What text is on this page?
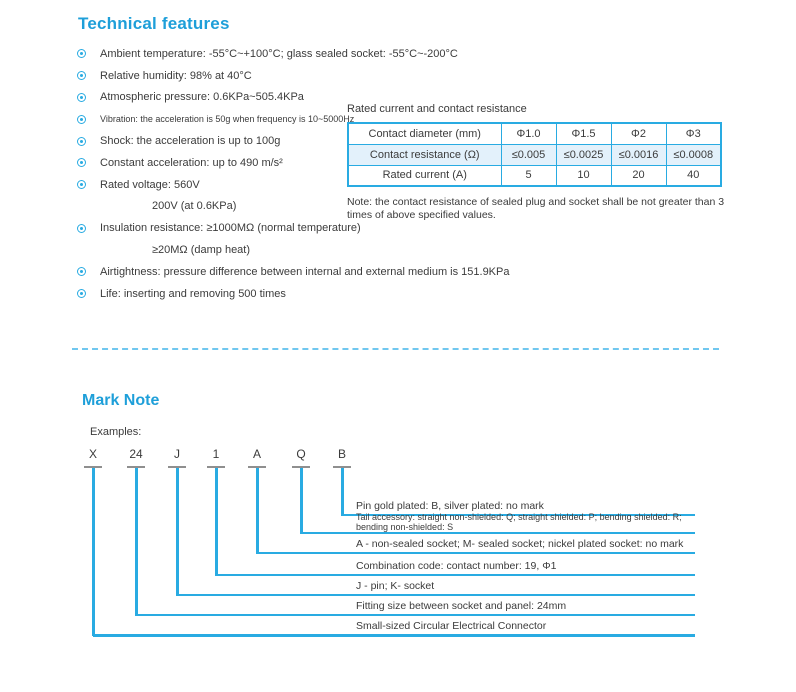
Technical features
Ambient temperature: -55°C~+100°C; glass sealed socket: -55°C~-200°C
Relative humidity: 98% at 40°C
Atmospheric pressure: 0.6KPa~505.4KPa
Vibration: the acceleration is 50g when frequency is 10~5000Hz
Shock: the acceleration is up to 100g
Constant acceleration: up to 490 m/s²
Rated voltage: 560V
200V (at 0.6KPa)
Insulation resistance: ≥1000MΩ (normal temperature)
≥20MΩ (damp heat)
Airtightness: pressure difference between internal and external medium is 151.9KPa
Life: inserting and removing 500 times
Rated current and contact resistance
Contact diameter (mm)	Φ1.0	Φ1.5	Φ2	Φ3
Contact resistance (Ω)	≤0.005	≤0.0025	≤0.0016	≤0.0008
Rated current (A)	5	10	20	40
Note: the contact resistance of sealed plug and socket shall be not greater than 3 times of above specified values.
Mark Note
Examples:
X	24	J	1	A	Q	B
Pin gold plated: B, silver plated: no mark
Tail accessory: straight non-shielded: Q; straight shielded: P; bending shielded: R; bending non-shielded: S
A - non-sealed socket; M- sealed socket; nickel plated socket: no mark
Combination code: contact number: 19, Φ1
J - pin; K- socket
Fitting size between socket and panel: 24mm
Small-sized Circular Electrical Connector
